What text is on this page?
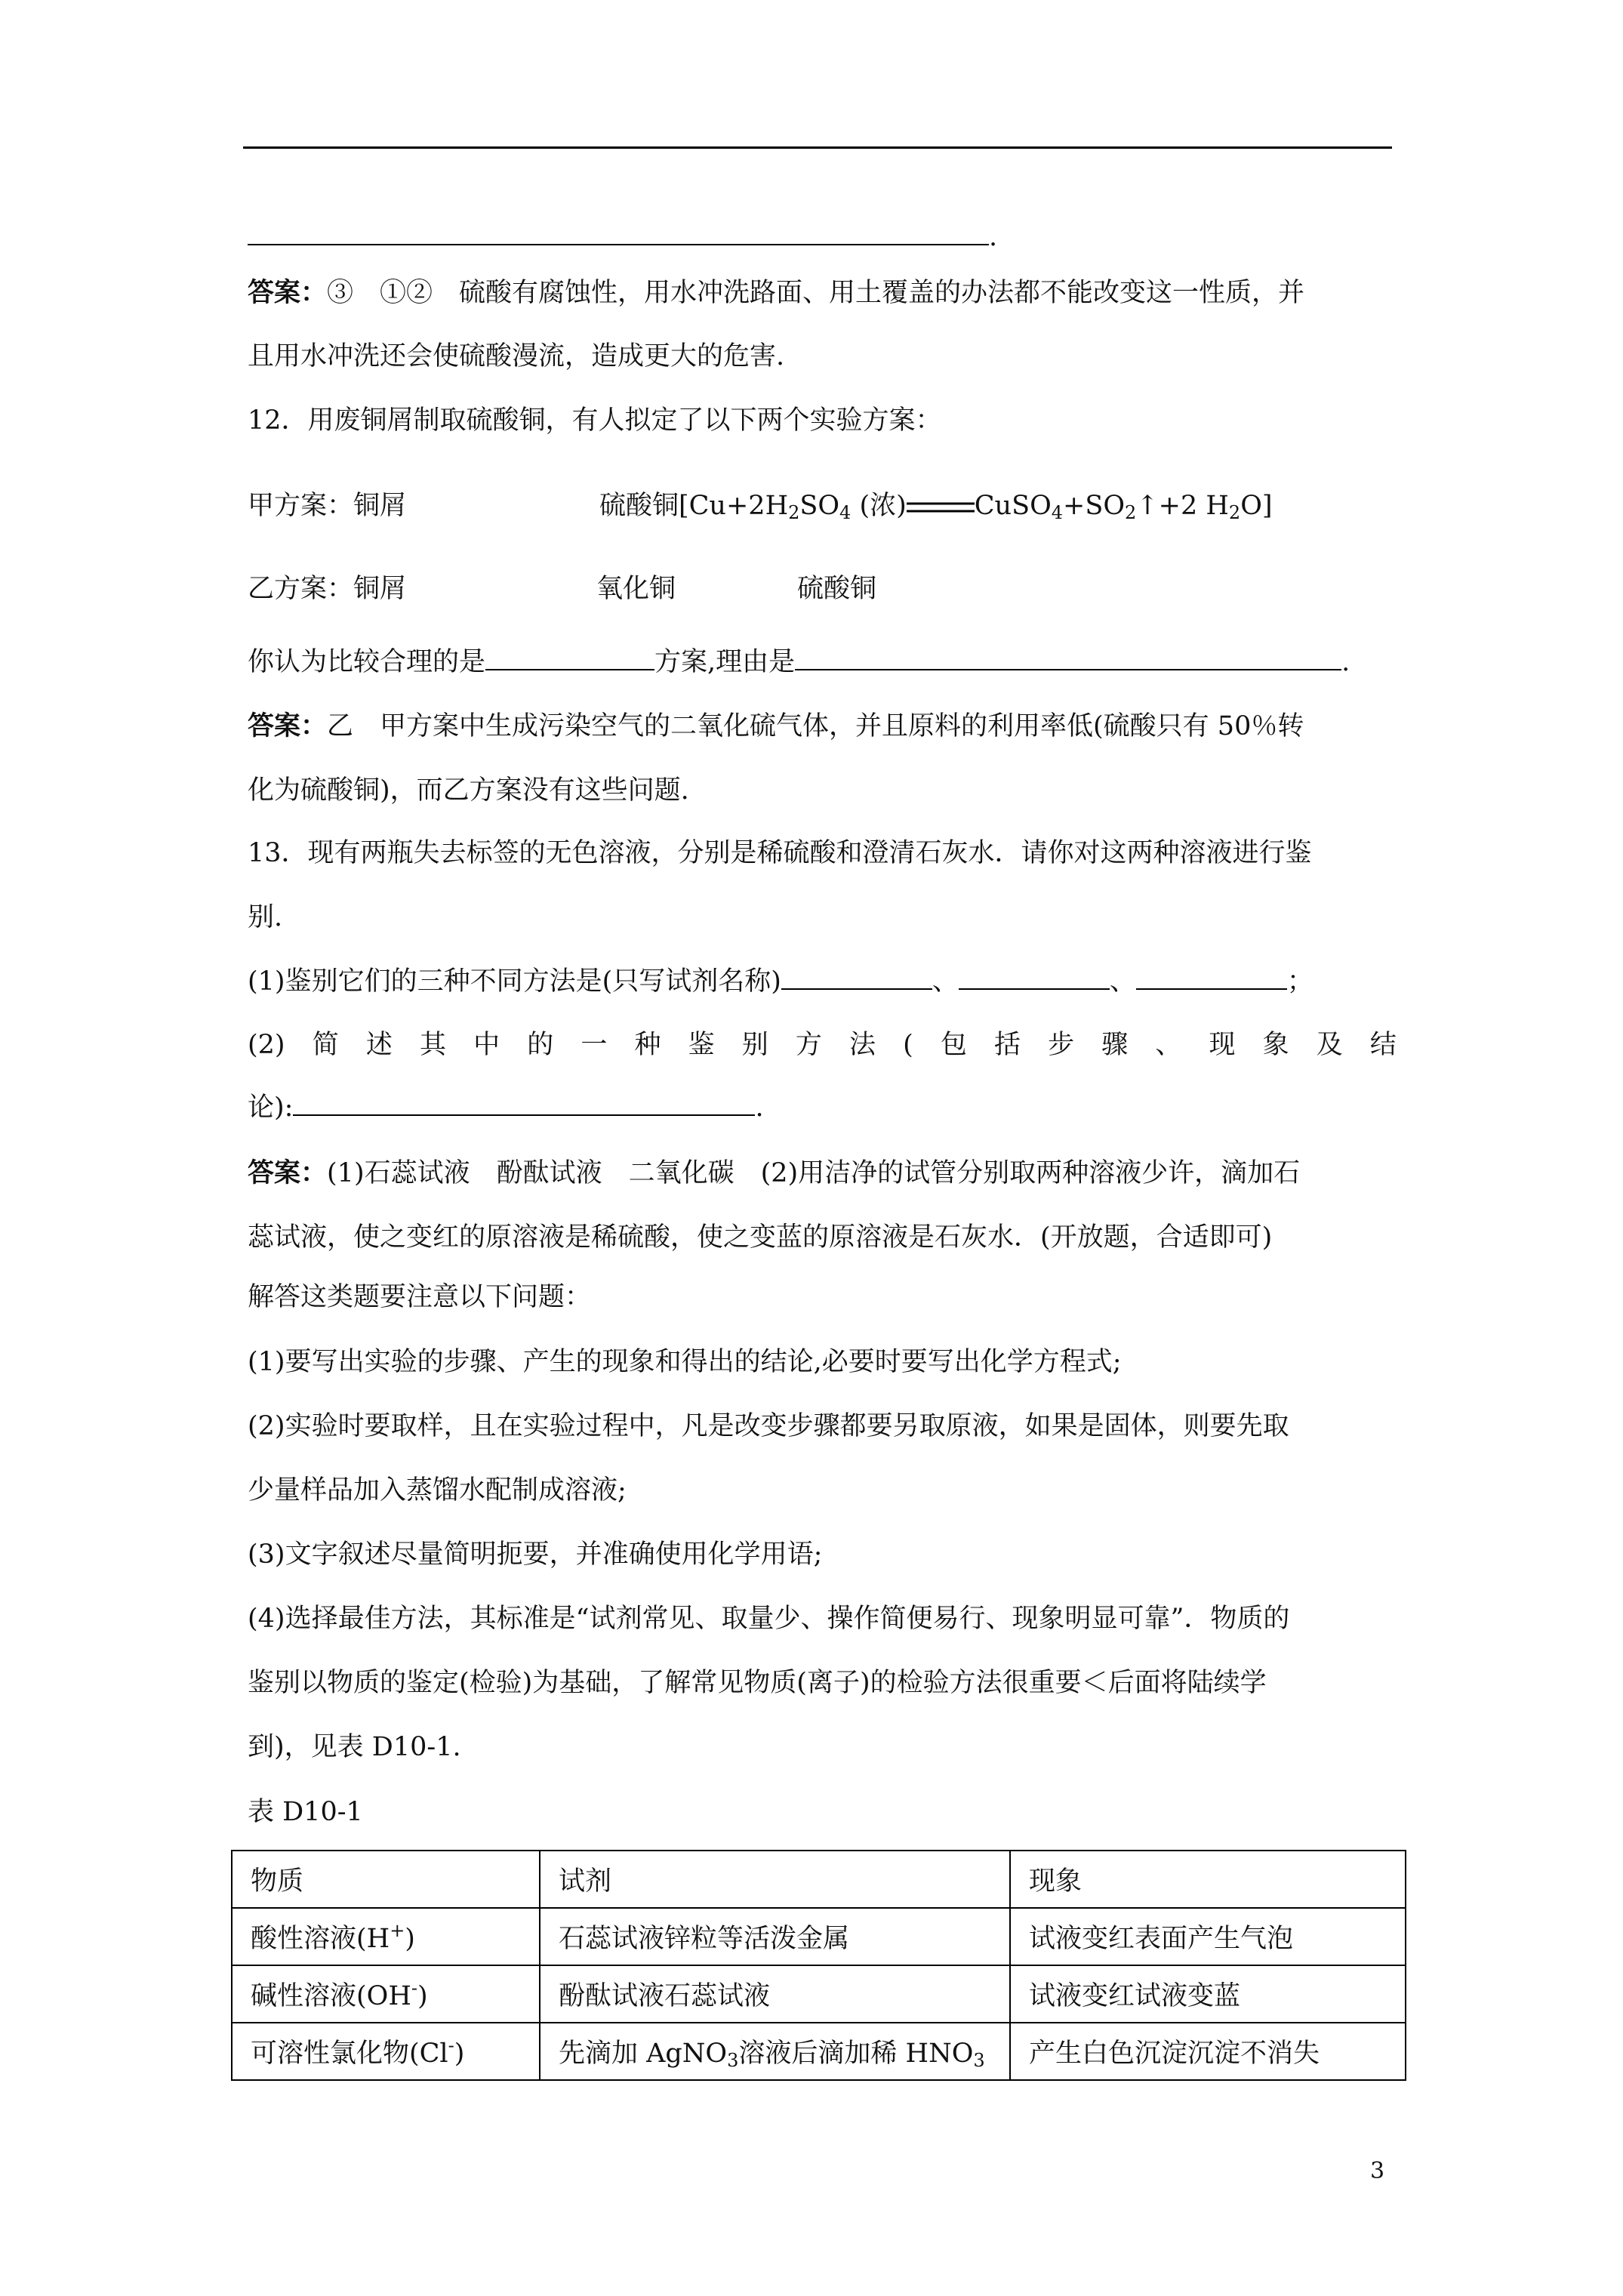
.
答案：③　①②　硫酸有腐蚀性，用水冲洗路面、用土覆盖的办法都不能改变这一性质，并
且用水冲洗还会使硫酸漫流，造成更大的危害.
12．用废铜屑制取硫酸铜，有人拟定了以下两个实验方案：
甲方案：铜屑	硫酸铜[$Cu+2H_2SO_4$ (浓)	$CuSO_4+SO_2↑+2$ $H_2O$]
乙方案：铜屑	氧化铜	硫酸铜
你认为比较合理的是	方案,理由是	.
答案：乙　甲方案中生成污染空气的二氧化硫气体，并且原料的利用率低(硫酸只有 50％转
化为硫酸铜)，而乙方案没有这些问题.
13．现有两瓶失去标签的无色溶液，分别是稀硫酸和澄清石灰水．请你对这两种溶液进行鉴
别.
(1)鉴别它们的三种不同方法是(只写试剂名称)	、	、	；
(2) 简 述 其 中 的 一 种 鉴 别 方 法 ( 包 括 步 骤 、 现 象 及 结
论):	.
答案：(1)石蕊试液　酚酞试液　二氧化碳　(2)用洁净的试管分别取两种溶液少许，滴加石
蕊试液，使之变红的原溶液是稀硫酸，使之变蓝的原溶液是石灰水．(开放题，合适即可)
解答这类题要注意以下问题：
(1)要写出实验的步骤、产生的现象和得出的结论,必要时要写出化学方程式;
(2)实验时要取样，且在实验过程中，凡是改变步骤都要另取原液，如果是固体，则要先取
少量样品加入蒸馏水配制成溶液;
(3)文字叙述尽量简明扼要，并准确使用化学用语;
(4)选择最佳方法，其标准是“试剂常见、取量少、操作简便易行、现象明显可靠”．物质的
鉴别以物质的鉴定(检验)为基础，了解常见物质(离子)的检验方法很重要＜后面将陆续学
到)，见表 D10-1.
表 D10-1
物质	试剂	现象
酸性溶液(H+)	石蕊试液锌粒等活泼金属	试液变红表面产生气泡
碱性溶液(OH-)	酚酞试液石蕊试液	试液变红试液变蓝
可溶性氯化物(Cl-)	先滴加 AgNO$_3$溶液后滴加稀 $HNO_3$	产生白色沉淀沉淀不消失
3
